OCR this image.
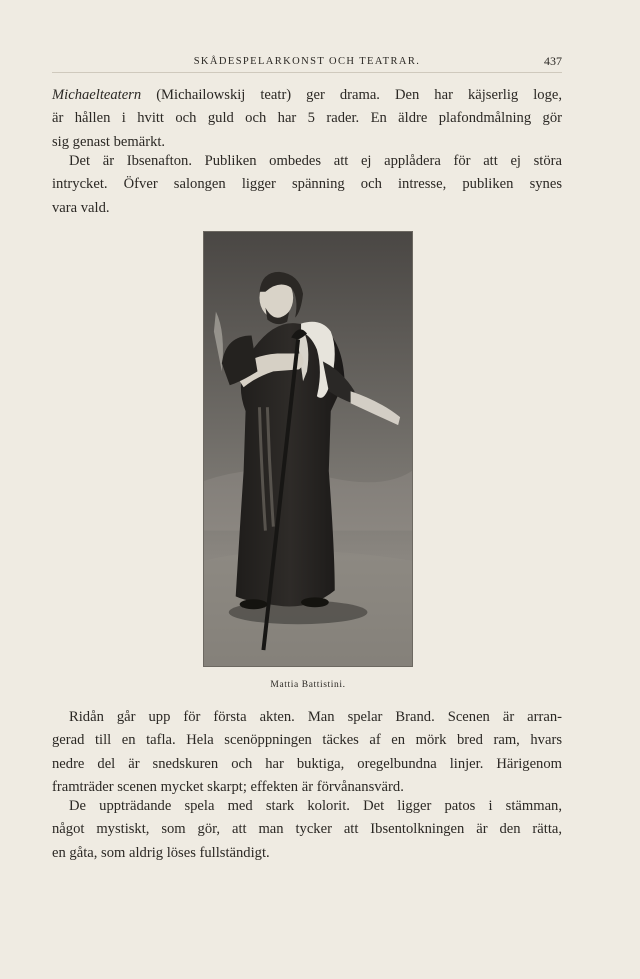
SKÅDESPELARKONST OCH TEATRAR.	437
Michaeltеatern (Michailowskij teatr) ger drama. Den har käjserlig loge,
är hållen i hvitt och guld och har 5 rader. En äldre plafondmålning gör
sig genast bemärkt.
Det är Ibsenafton. Publiken ombedes att ej applådera för att ej störa
intrycket. Öfver salongen ligger spänning och intresse, publiken synes
vara vald.
Mattia Battistini.
Ridån går upp för första akten. Man spelar Brand. Scenen är arran-
gerad till en tafla. Hela scenöppningen täckes af en mörk bred ram, hvars
nedre del är snedskuren och har buktiga, oregelbundna linjer. Härigenom
framträder scenen mycket skarpt; effekten är förvånansvärd.
De uppträdande spela med stark kolorit. Det ligger patos i stämman,
något mystiskt, som gör, att man tycker att Ibsentolkningen är den rätta,
en gåta, som aldrig löses fullständigt.
